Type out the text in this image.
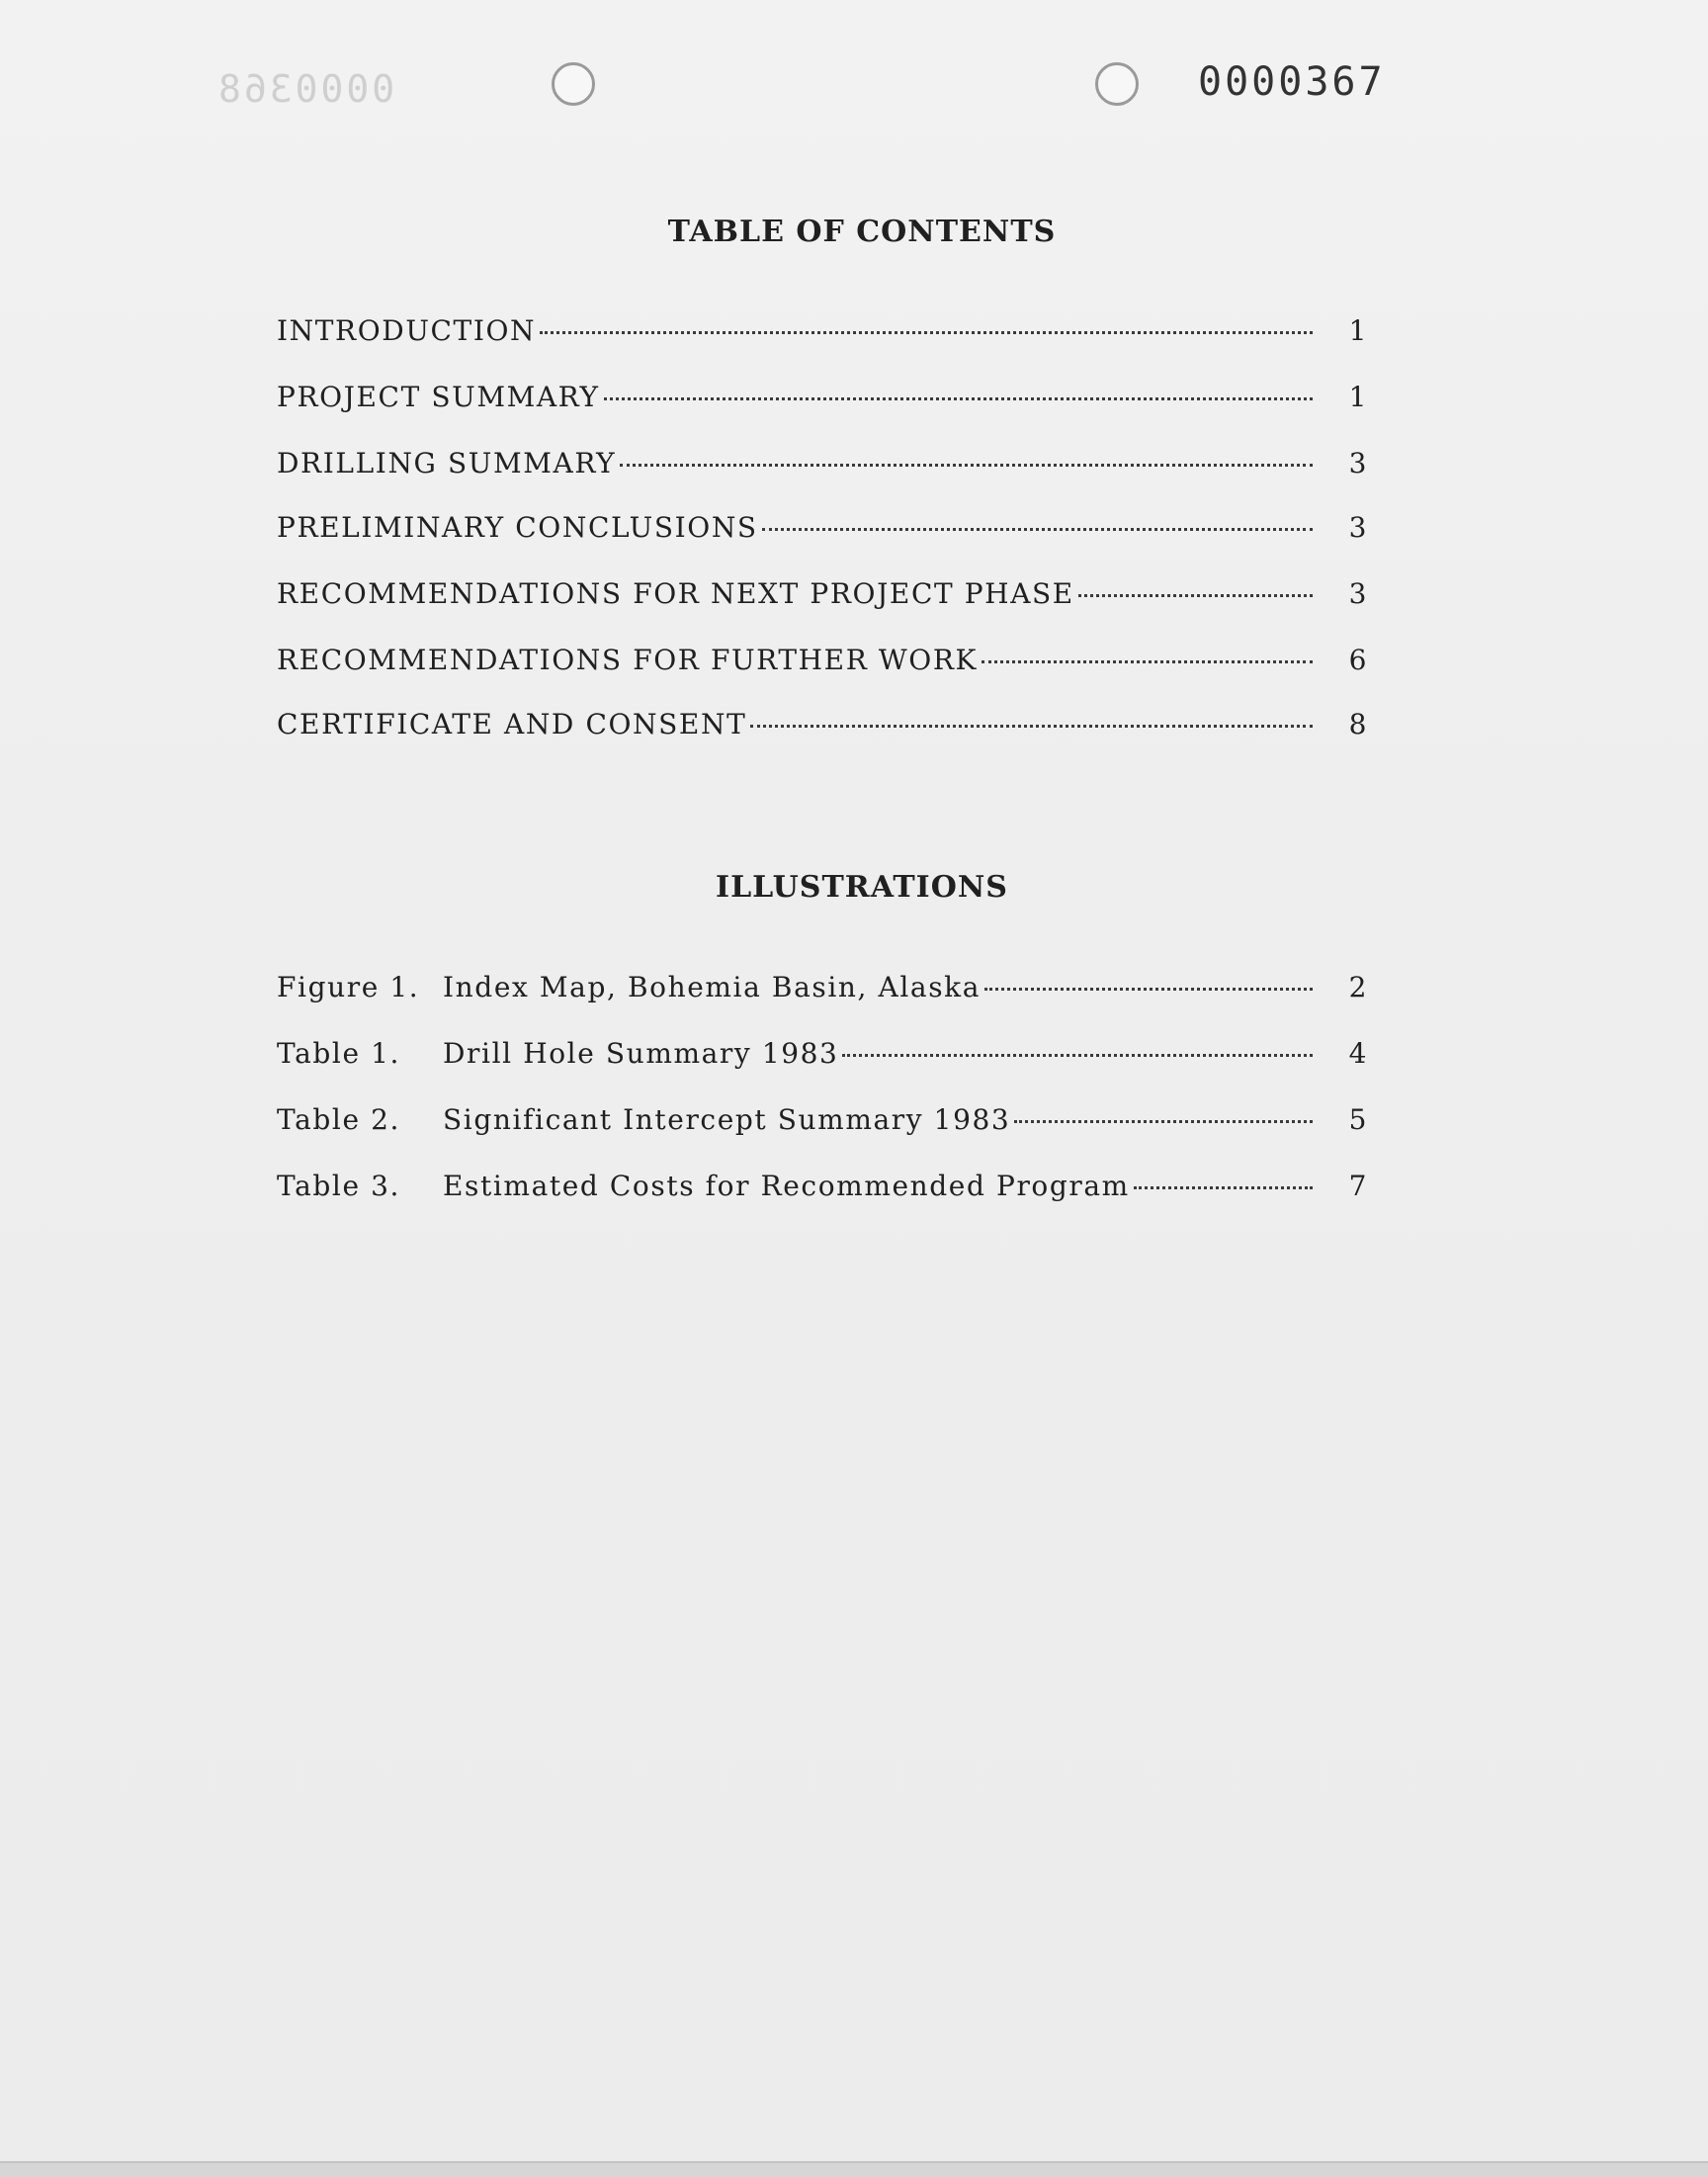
0000368	0000367
TABLE OF CONTENTS
INTRODUCTION	1
PROJECT SUMMARY	1
DRILLING SUMMARY	3
PRELIMINARY CONCLUSIONS	3
RECOMMENDATIONS FOR NEXT PROJECT PHASE	3
RECOMMENDATIONS FOR FURTHER WORK	6
CERTIFICATE AND CONSENT	8
ILLUSTRATIONS
Figure 1. Index Map, Bohemia Basin, Alaska	2
Table 1.	Drill Hole Summary 1983	4
Table 2.	Significant Intercept Summary 1983	5
Table 3.	Estimated Costs for Recommended Program	7
